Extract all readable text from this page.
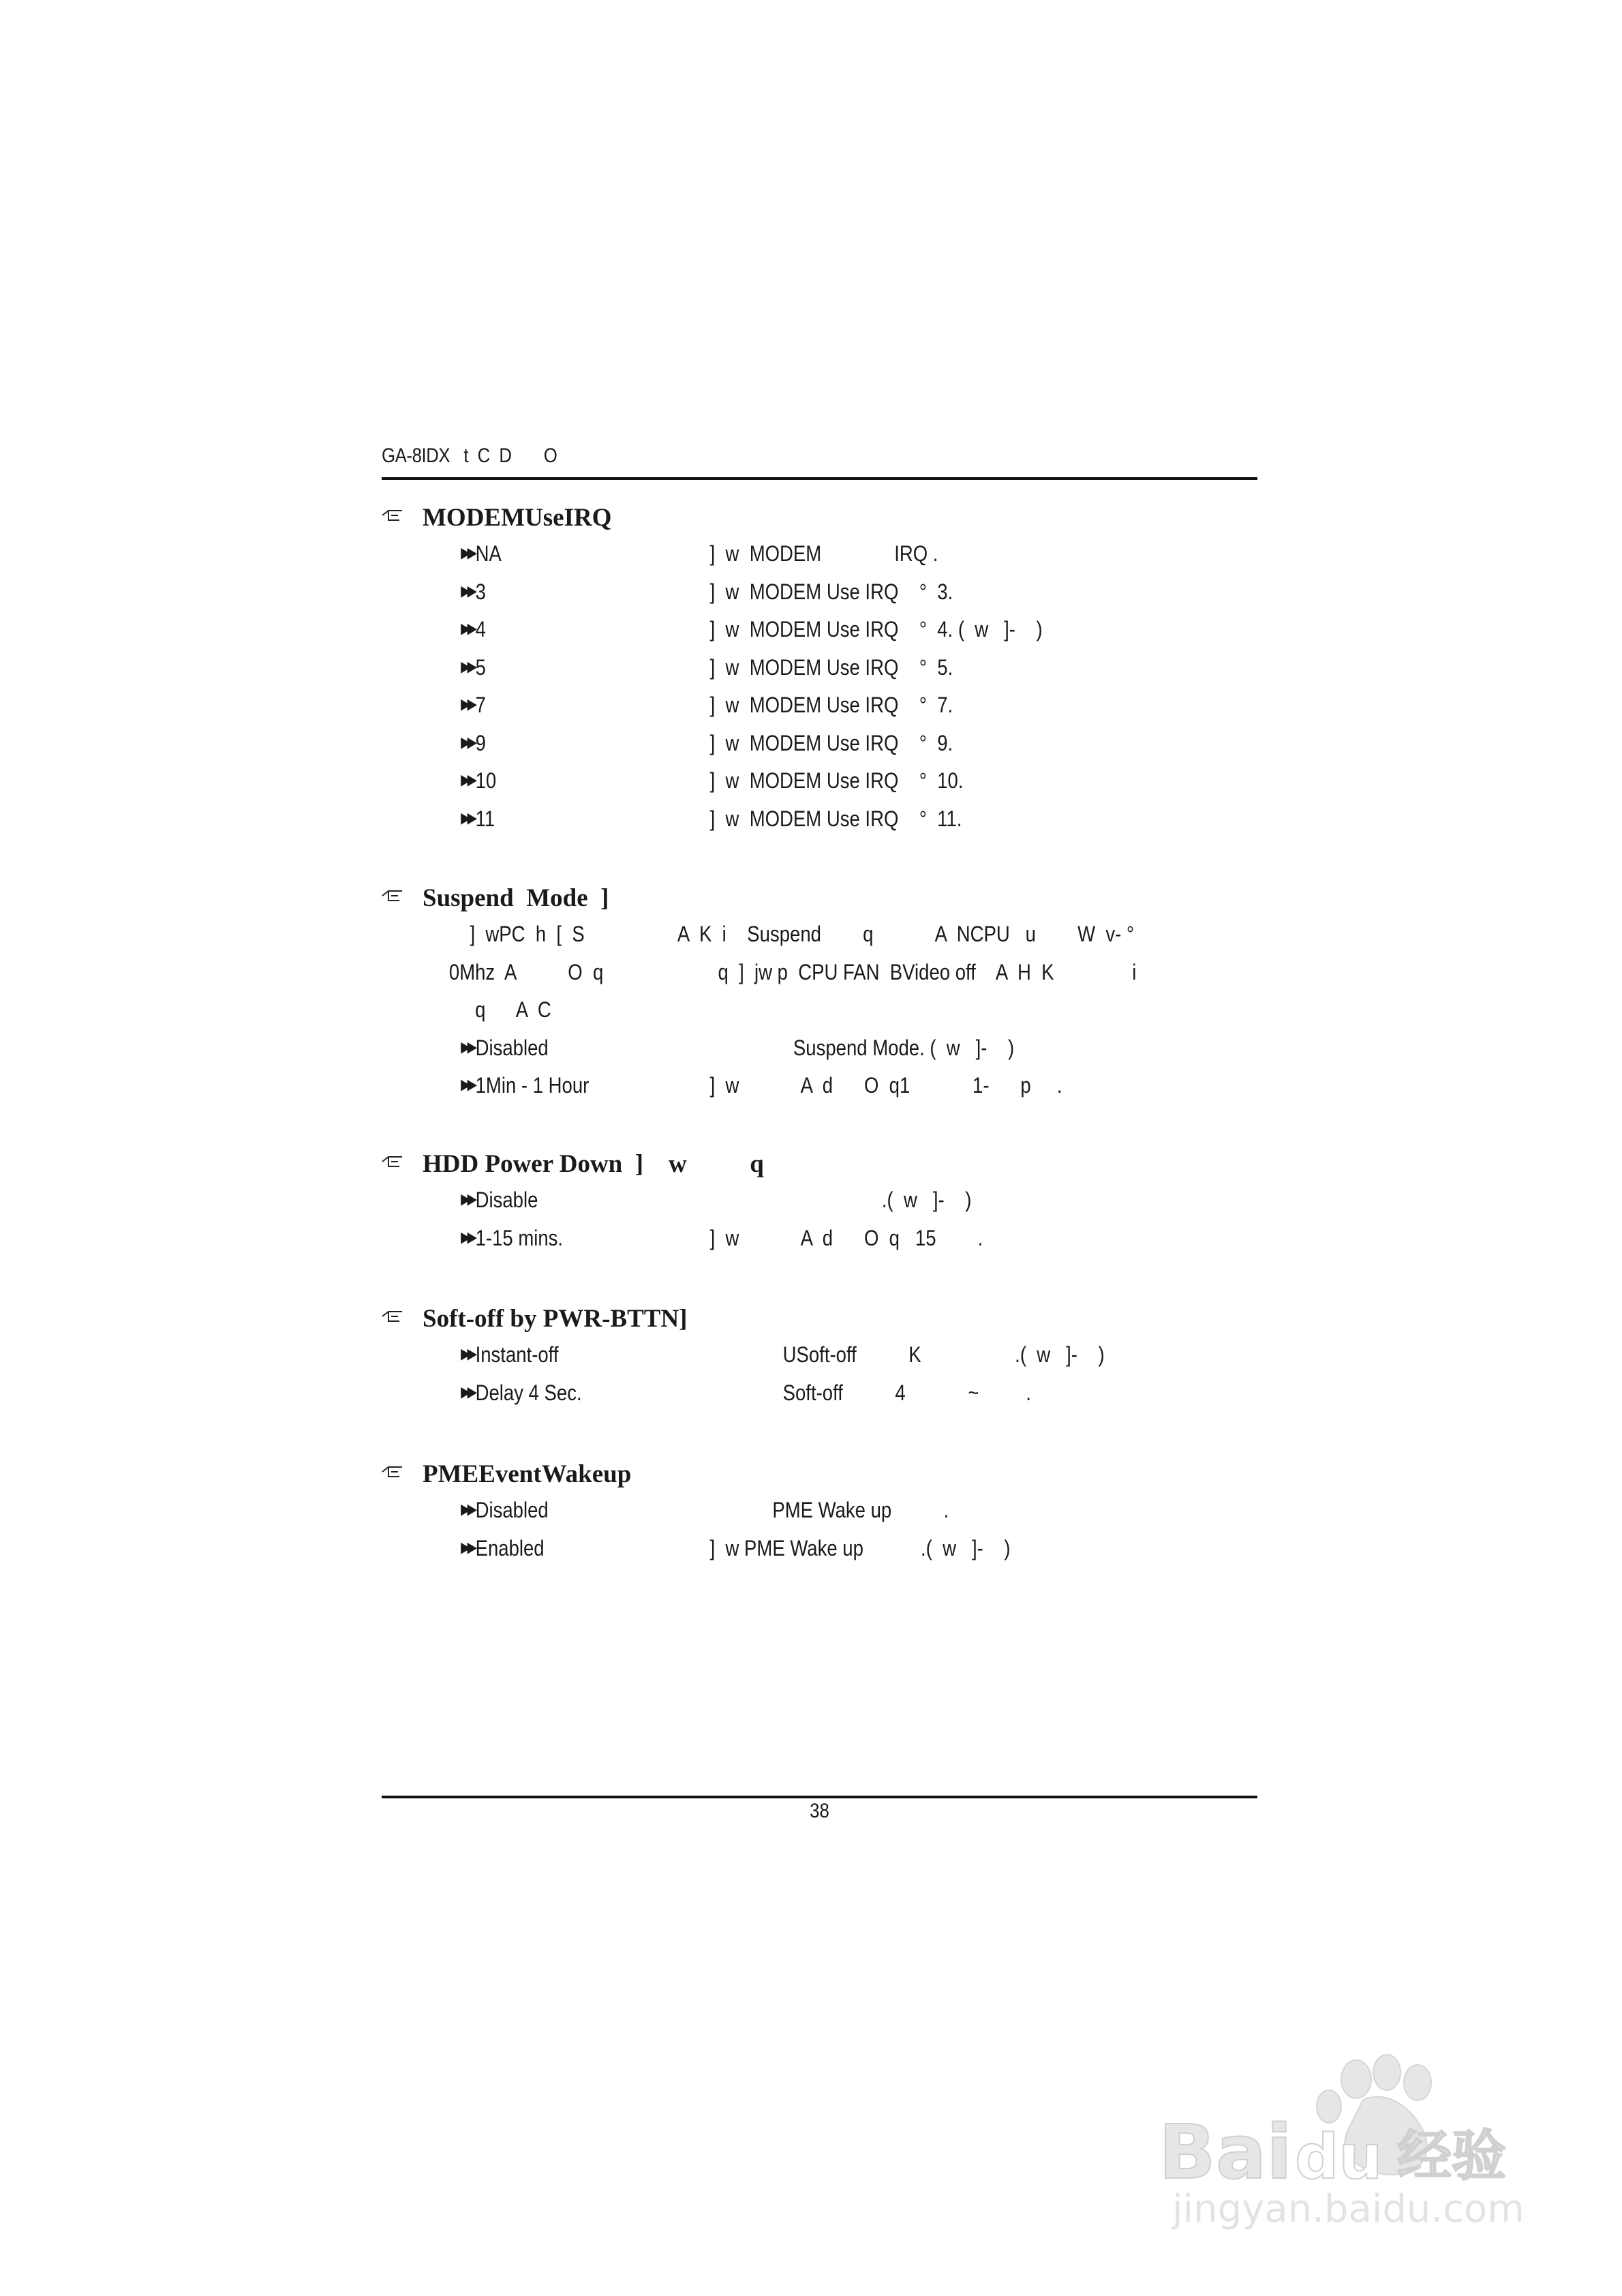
GA-8IDX   t  C  D       O
MODEMUseIRQ
▶▶ NA	]  w  MODEM              IRQ .
▶▶ 3	]  w  MODEM Use IRQ    °  3.
▶▶ 4	]  w  MODEM Use IRQ    °  4. (  w   ]-    )
▶▶ 5	]  w  MODEM Use IRQ    °  5.
▶▶ 7	]  w  MODEM Use IRQ    °  7.
▶▶ 9	]  w  MODEM Use IRQ    °  9.
▶▶ 10	]  w  MODEM Use IRQ    °  10.
▶▶ 11	]  w  MODEM Use IRQ    °  11.
Suspend  Mode  ]
]  wPC  h  [  S                  A  K  i    Suspend        q            A  NCPU   u        W  v- °
0Mhz  A          O  q                      q  ]  jw p  CPU FAN  BVideo off    A  H  K               i
q      A  C
▶▶ Disabled	Suspend Mode. (  w   ]-    )
▶▶ 1Min - 1 Hour	]  w            A  d      O  q1            1-      p     .
HDD Power Down  ]    w          q
▶▶ Disable	.(  w   ]-    )
▶▶ 1-15 mins.	]  w            A  d      O  q   15        .
Soft-off by PWR-BTTN]
▶▶ Instant-off	USoft-off          K                  .(  w   ]-    )
▶▶ Delay 4 Sec.	Soft-off          4            ~         .
PMEEventWakeup
▶▶ Disabled	PME Wake up          .
▶▶ Enabled	]  w PME Wake up           .(  w   ]-    )
38
Bai du 经验
jingyan.baidu.com
